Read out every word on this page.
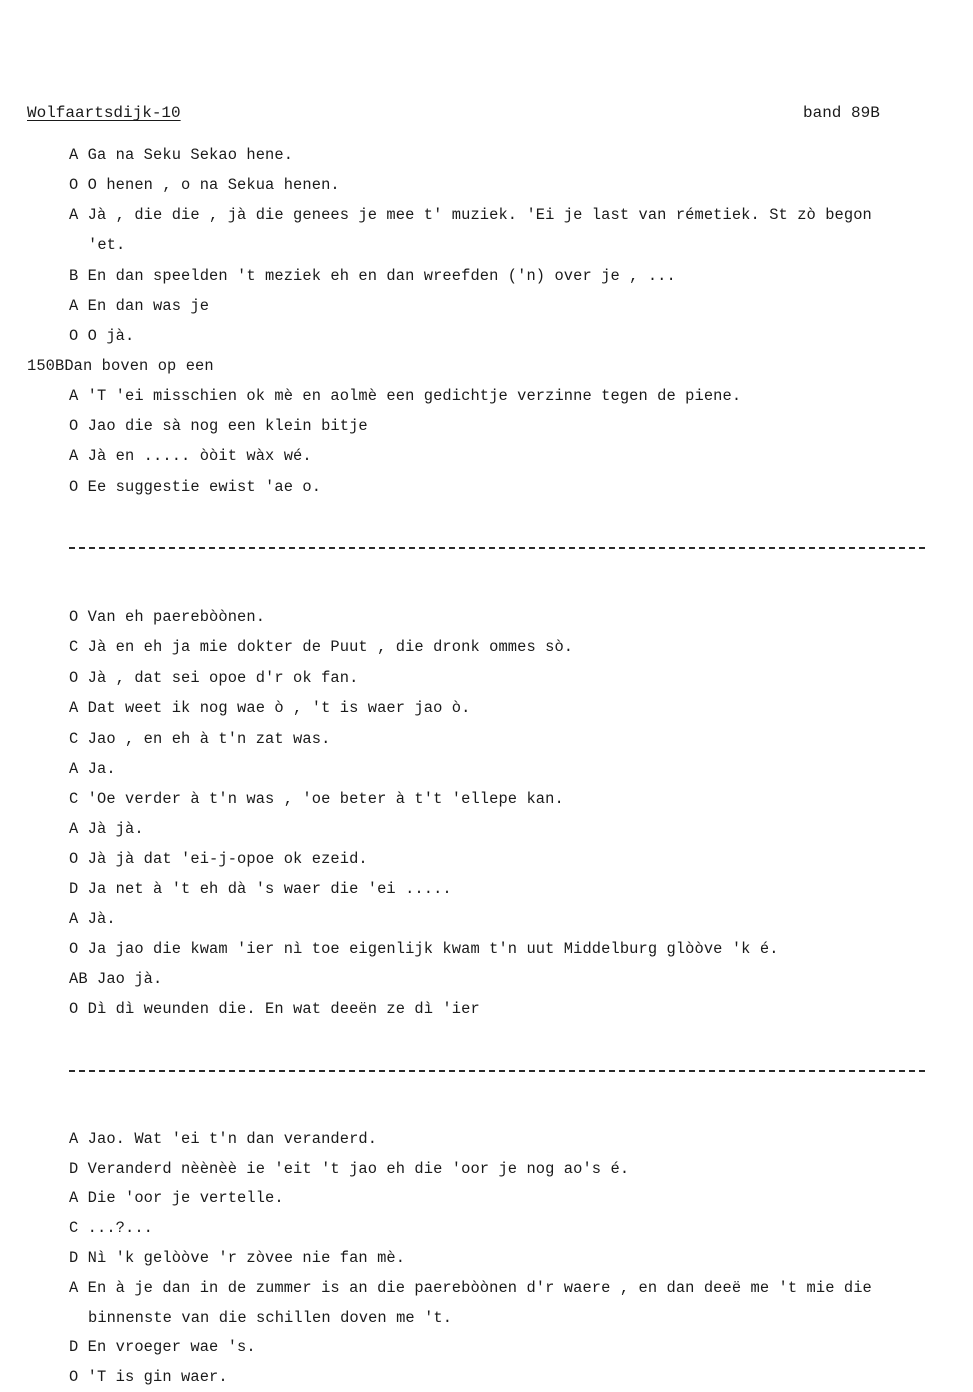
Wolfaartsdijk-10	band 89B
A Ga na Seku Sekao hene.
O O henen , o na Sekua henen.
A Jà , die die , jà die genees je mee t' muziek. 'Ei je last van rémetiek. St zò begon
'et.
B En dan speelden 't meziek eh en dan wreefden ('n) over je , ...
A En dan was je
O O jà.
150BDan boven op een
A 'T 'ei misschien ok mè en aolmè een gedichtje verzinne tegen de piene.
O Jao die sà nog een klein bitje
A Jà en ..... òòit wàx wé.
O Ee suggestie ewist 'ae o.
O Van eh paerebòònen.
C Jà en eh ja mie dokter de Puut , die dronk ommes sò.
O Jà , dat sei opoe d'r ok fan.
A Dat weet ik nog wae ò , 't is waer jao ò.
C Jao , en eh à t'n zat was.
A Ja.
C 'Oe verder à t'n was , 'oe beter à t't 'ellepe kan.
A Jà jà.
O Jà jà dat 'ei-j-opoe ok ezeid.
D Ja net à 't eh dà 's waer die 'ei .....
A Jà.
O Ja jao die kwam 'ier nì toe eigenlijk kwam t'n uut Middelburg glòòve 'k é.
AB Jao jà.
O Dì dì weunden die. En wat deeën ze dì 'ier
A Jao. Wat 'ei t'n dan veranderd.
D Veranderd nèènèè ie 'eit 't jao eh die 'oor je nog ao's é.
A Die 'oor je vertelle.
C ...?...
D Nì 'k gelòòve 'r zòvee nie fan mè.
A En à je dan in de zummer is an die paerebòònen d'r waere , en dan deeë me 't mie die
binnenste van die schillen doven me 't.
D En vroeger wae 's.
O 'T is gin waer.
